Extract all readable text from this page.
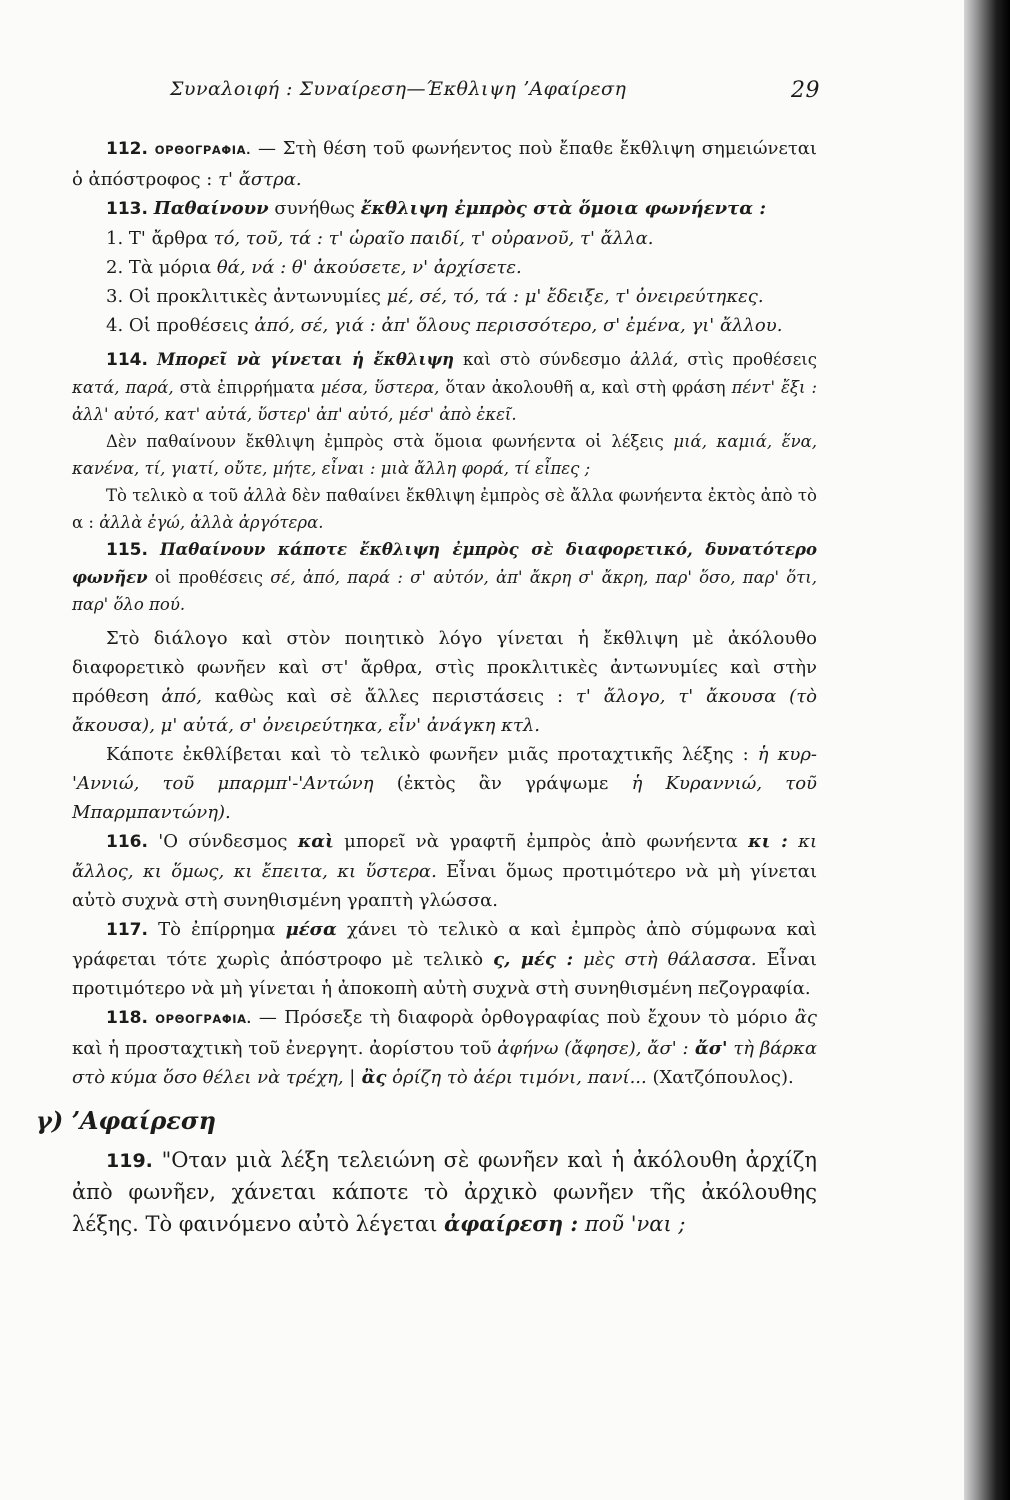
Συναλοιφή : Συναίρεση—Έκθλιψη ʼΑφαίρεση	29

112. ΟΡΘΟΓΡΑΦΙΑ. — Στὴ θέση τοῦ φωνήεντος ποὺ ἔπαθε ἔκθλιψη σημειώνεται ὁ ἀπόστροφος : τ' ἄστρα.

113. Παθαίνουν συνήθως ἔκθλιψη ἐμπρὸς στὰ ὅμοια φωνήεντα :

1. Τ' ἄρθρα τό, τοῦ, τά : τ' ὡραῖο παιδί, τ' οὐρανοῦ, τ' ἄλλα.

2. Τὰ μόρια θά, νά : θ' ἀκούσετε, ν' ἀρχίσετε.

3. Οἱ προκλιτικὲς ἀντωνυμίες μέ, σέ, τό, τά : μ' ἔδειξε, τ' ὀνειρεύτηκες.

4. Οἱ προθέσεις ἀπό, σέ, γιά : ἀπ' ὅλους περισσότερο, σ' ἐμένα, γι' ἄλλου.

114. Μπορεῖ νὰ γίνεται ἡ ἔκθλιψη καὶ στὸ σύνδεσμο ἀλλά, στὶς προθέσεις κατά, παρά, στὰ ἐπιρρήματα μέσα, ὕστερα, ὅταν ἀκολουθῆ α, καὶ στὴ φράση πέντ' ἔξι : ἀλλ' αὐτό, κατ' αὐτά, ὕστερ' ἀπ' αὐτό, μέσ' ἀπὸ ἐκεῖ.

Δὲν παθαίνουν ἔκθλιψη ἐμπρὸς στὰ ὅμοια φωνήεντα οἱ λέξεις μιά, καμιά, ἕνα, κανένα, τί, γιατί, οὔτε, μήτε, εἶναι : μιὰ ἄλλη φορά, τί εἶπες ;

Τὸ τελικὸ α τοῦ ἀλλὰ δὲν παθαίνει ἔκθλιψη ἐμπρὸς σὲ ἄλλα φωνήεντα ἐκτὸς ἀπὸ τὸ α : ἀλλὰ ἐγώ, ἀλλὰ ἀργότερα.

115. Παθαίνουν κάποτε ἔκθλιψη ἐμπρὸς σὲ διαφορετικό, δυνατότερο φωνῆεν οἱ προθέσεις σέ, ἀπό, παρά : σ' αὐτόν, ἀπ' ἄκρη σ' ἄκρη, παρ' ὅσο, παρ' ὅτι, παρ' ὅλο πού.

Στὸ διάλογο καὶ στὸν ποιητικὸ λόγο γίνεται ἡ ἔκθλιψη μὲ ἀκόλουθο διαφορετικὸ φωνῆεν καὶ στ' ἄρθρα, στὶς προκλιτικὲς ἀντωνυμίες καὶ στὴν πρόθεση ἀπό, καθὼς καὶ σὲ ἄλλες περιστάσεις : τ' ἄλογο, τ' ἄκουσα (τὸ ἄκουσα), μ' αὐτά, σ' ὀνειρεύτηκα, εἶν' ἀνάγκη κτλ.

Κάποτε ἐκθλίβεται καὶ τὸ τελικὸ φωνῆεν μιᾶς προταχτικῆς λέξης : ἡ κυρ-'Αννιώ, τοῦ μπαρμπ'-'Αντώνη (ἐκτὸς ἂν γράψωμε ἡ Κυραννιώ, τοῦ Μπαρμπαντώνη).

116. 'Ο σύνδεσμος καὶ μπορεῖ νὰ γραφτῆ ἐμπρὸς ἀπὸ φωνήεντα κι : κι ἄλλος, κι ὅμως, κι ἔπειτα, κι ὕστερα. Εἶναι ὅμως προτιμότερο νὰ μὴ γίνεται αὐτὸ συχνὰ στὴ συνηθισμένη γραπτὴ γλώσσα.

117. Τὸ ἐπίρρημα μέσα χάνει τὸ τελικὸ α καὶ ἐμπρὸς ἀπὸ σύμφωνα καὶ γράφεται τότε χωρὶς ἀπόστροφο μὲ τελικὸ ς, μές : μὲς στὴ θάλασσα. Εἶναι προτιμότερο νὰ μὴ γίνεται ἡ ἀποκοπὴ αὐτὴ συχνὰ στὴ συνηθισμένη πεζογραφία.

118. ΟΡΘΟΓΡΑΦΙΑ. — Πρόσεξε τὴ διαφορὰ ὀρθογραφίας ποὺ ἔχουν τὸ μόριο ἂς καὶ ἡ προσταχτικὴ τοῦ ἐνεργητ. ἀορίστου τοῦ ἀφήνω (ἄφησε), ἄσ' : ἄσ' τὴ βάρκα στὸ κύμα ὅσο θέλει νὰ τρέχη, | ἂς ὁρίζη τὸ ἀέρι τιμόνι, πανί... (Χατζόπουλος).

γ) ʼΑφαίρεση

119. "Οταν μιὰ λέξη τελειώνη σὲ φωνῆεν καὶ ἡ ἀκόλουθη ἀρχίζη ἀπὸ φωνῆεν, χάνεται κάποτε τὸ ἀρχικὸ φωνῆεν τῆς ἀκόλουθης λέξης. Τὸ φαινόμενο αὐτὸ λέγεται ἀφαίρεση : ποῦ 'ναι ;
